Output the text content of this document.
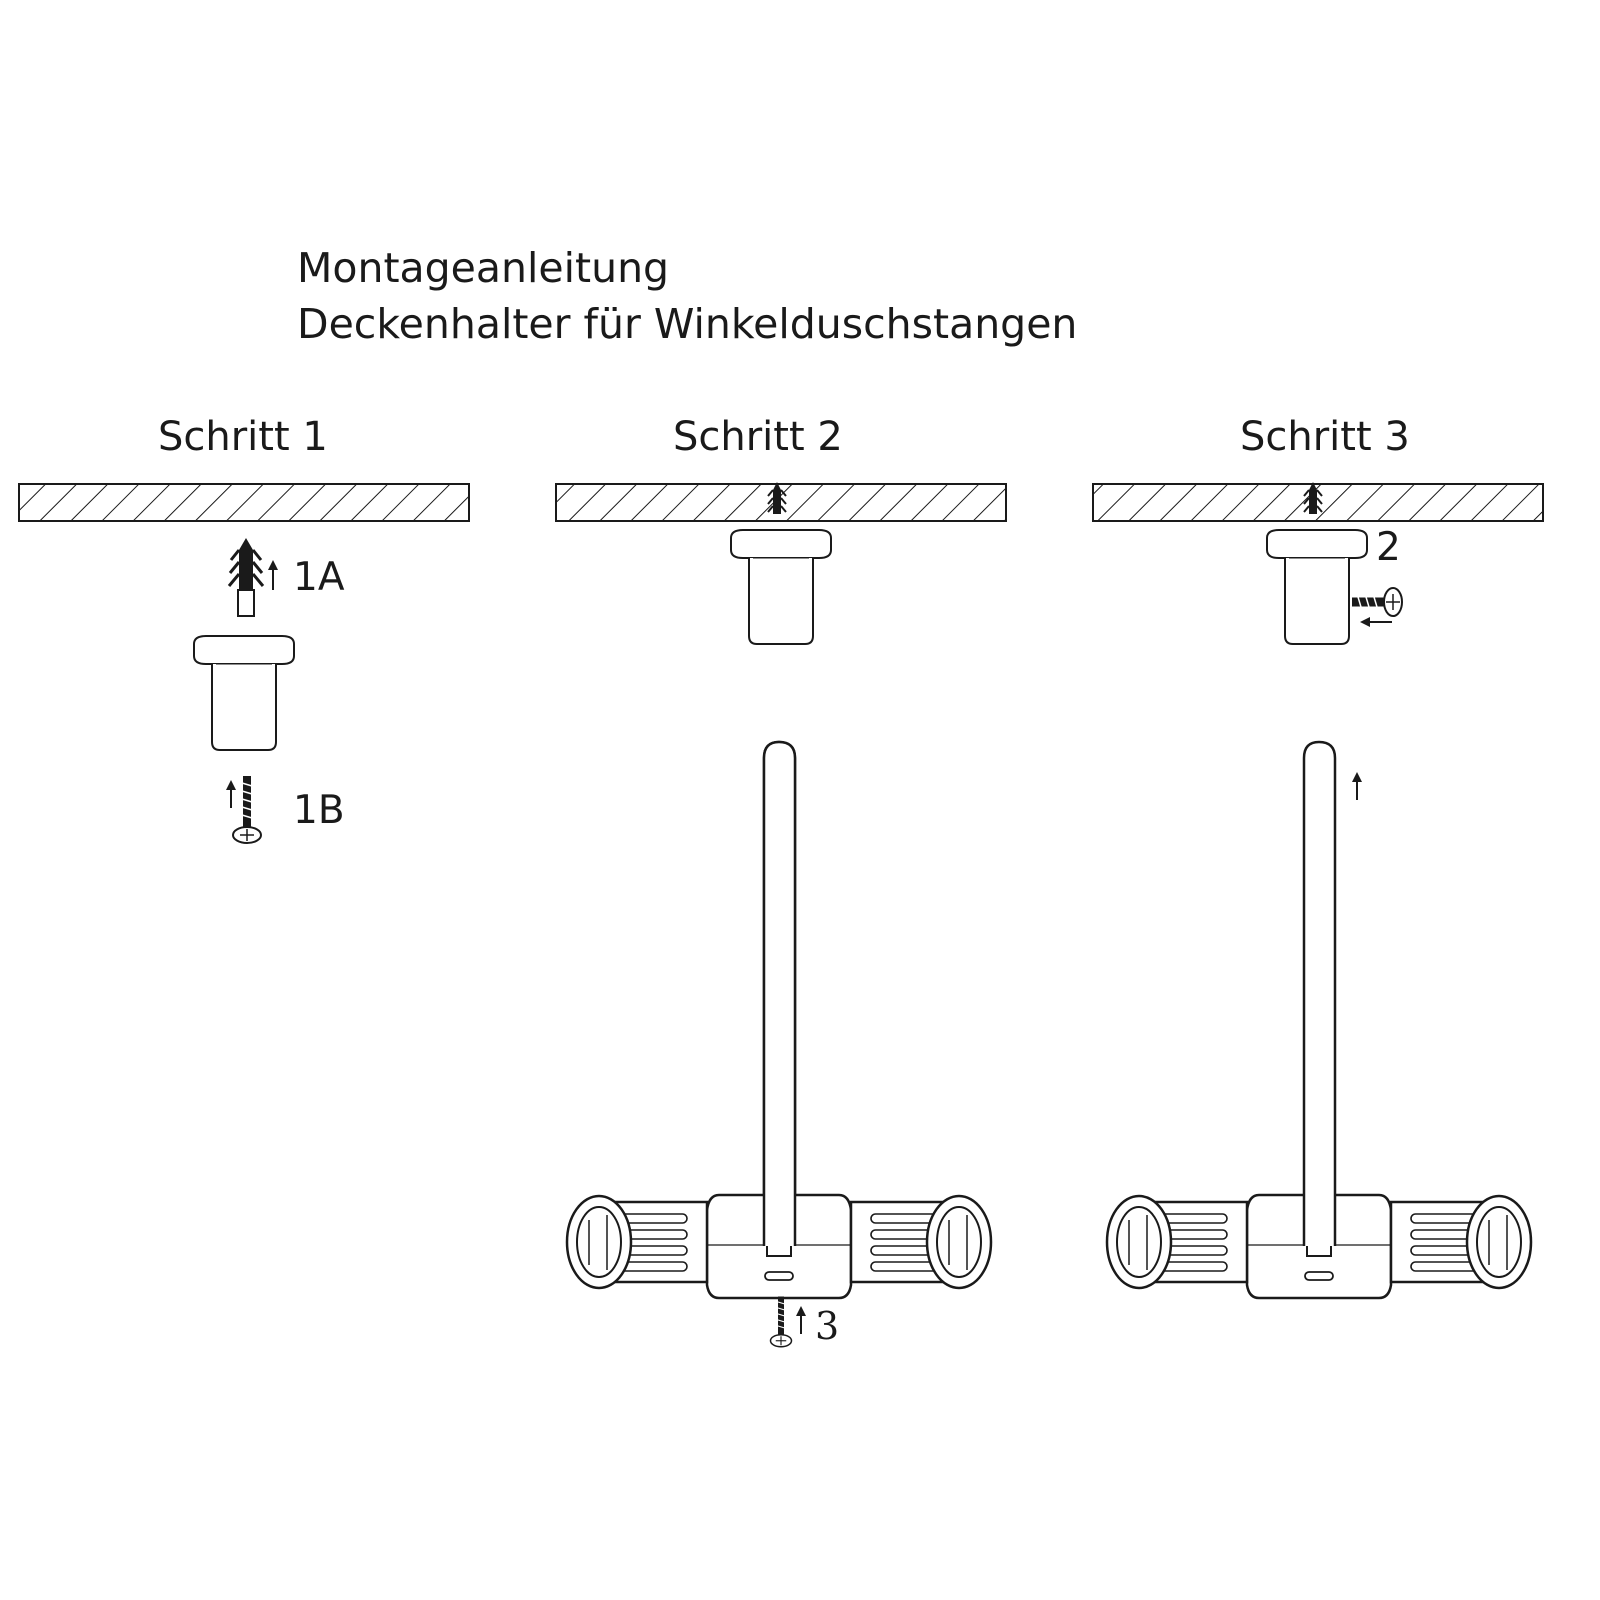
Montageanleitung
Deckenhalter für Winkelduschstangen
Schritt 1	Schritt 2	Schritt 3
1A
1B
3
2
